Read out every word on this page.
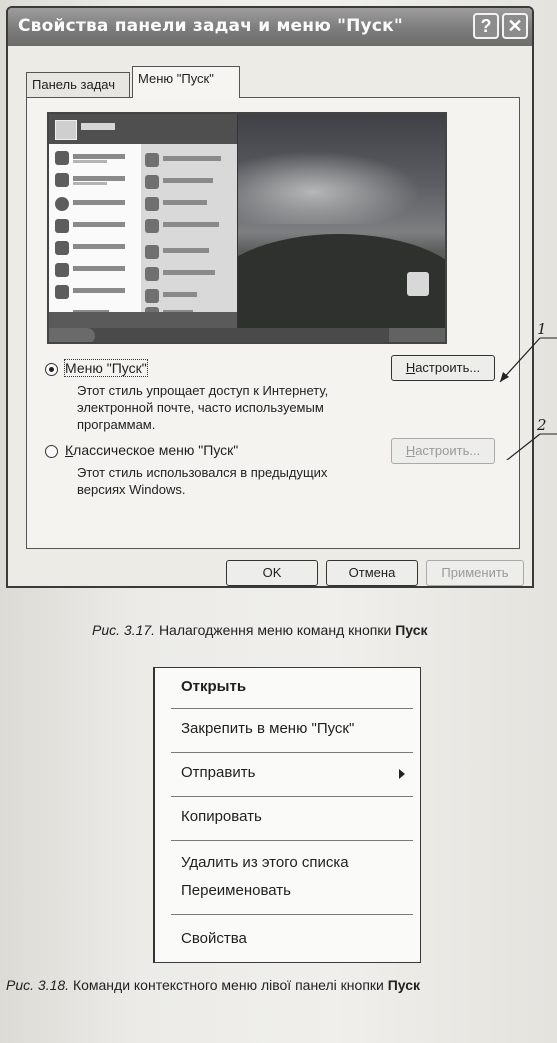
Свойства панели задач и меню "Пуск"	? ✕
Панель задач	Меню "Пуск"
Меню "Пуск"
Этот стиль упрощает доступ к Интернету,
электронной почте, часто используемым
программам.
Настроить...
Классическое меню "Пуск"
Этот стиль использовался в предыдущих
версиях Windows.
Настроить...
OK	Отмена	Применить
1
2
Рис. 3.17. Налагодження меню команд кнопки Пуск
Открыть
Закрепить в меню "Пуск"
Отправить
Копировать
Удалить из этого списка
Переименовать
Свойства
Рис. 3.18. Команди контекстного меню лівої панелі кнопки Пуск
